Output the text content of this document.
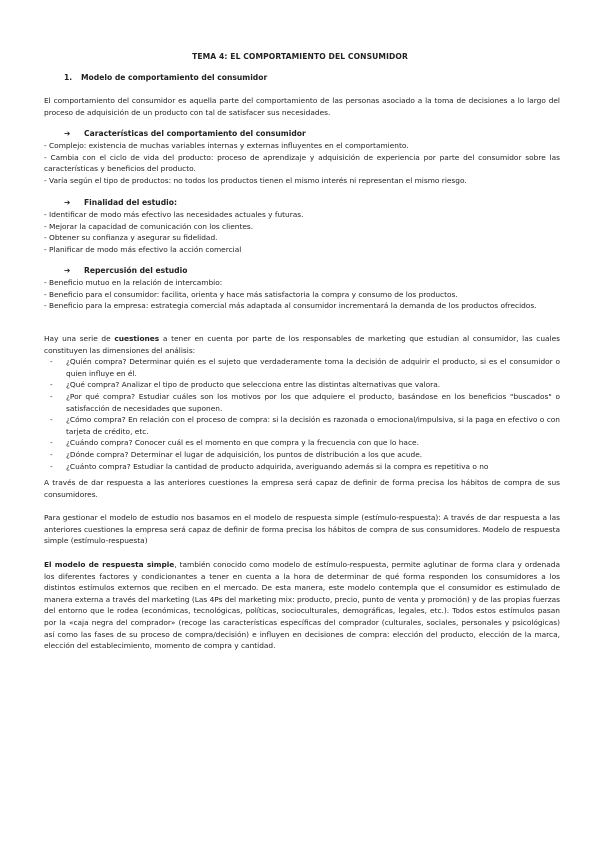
TEMA 4: EL COMPORTAMIENTO DEL CONSUMIDOR
1. Modelo de comportamiento del consumidor
El comportamiento del consumidor es aquella parte del comportamiento de las personas asociado a la toma de decisiones a lo largo del proceso de adquisición de un producto con tal de satisfacer sus necesidades.
➔ Características del comportamiento del consumidor
- Complejo: existencia de muchas variables internas y externas influyentes en el comportamiento.
- Cambia con el ciclo de vida del producto: proceso de aprendizaje y adquisición de experiencia por parte del consumidor sobre las características y beneficios del producto.
- Varía según el tipo de productos: no todos los productos tienen el mismo interés ni representan el mismo riesgo.
➔ Finalidad del estudio:
- Identificar de modo más efectivo las necesidades actuales y futuras.
- Mejorar la capacidad de comunicación con los clientes.
- Obtener su confianza y asegurar su fidelidad.
- Planificar de modo más efectivo la acción comercial
➔ Repercusión del estudio
- Beneficio mutuo en la relación de intercambio:
- Beneficio para el consumidor: facilita, orienta y hace más satisfactoria la compra y consumo de los productos.
- Beneficio para la empresa: estrategia comercial más adaptada al consumidor incrementará la demanda de los productos ofrecidos.
Hay una serie de cuestiones a tener en cuenta por parte de los responsables de marketing que estudian al consumidor, las cuales constituyen las dimensiones del análisis:
- ¿Quién compra? Determinar quién es el sujeto que verdaderamente toma la decisión de adquirir el producto, si es el consumidor o quien influye en él.
- ¿Qué compra? Analizar el tipo de producto que selecciona entre las distintas alternativas que valora.
- ¿Por qué compra? Estudiar cuáles son los motivos por los que adquiere el producto, basándose en los beneficios "buscados" o satisfacción de necesidades que suponen.
- ¿Cómo compra? En relación con el proceso de compra: si la decisión es razonada o emocional/impulsiva, si la paga en efectivo o con tarjeta de crédito, etc.
- ¿Cuándo compra? Conocer cuál es el momento en que compra y la frecuencia con que lo hace.
- ¿Dónde compra? Determinar el lugar de adquisición, los puntos de distribución a los que acude.
- ¿Cuánto compra? Estudiar la cantidad de producto adquirida, averiguando además si la compra es repetitiva o no
A través de dar respuesta a las anteriores cuestiones la empresa será capaz de definir de forma precisa los hábitos de compra de sus consumidores.
Para gestionar el modelo de estudio nos basamos en el modelo de respuesta simple (estímulo-respuesta): A través de dar respuesta a las anteriores cuestiones la empresa será capaz de definir de forma precisa los hábitos de compra de sus consumidores. Modelo de respuesta simple (estímulo-respuesta)
El modelo de respuesta simple, también conocido como modelo de estímulo-respuesta, permite aglutinar de forma clara y ordenada los diferentes factores y condicionantes a tener en cuenta a la hora de determinar de qué forma responden los consumidores a los distintos estímulos externos que reciben en el mercado. De esta manera, este modelo contempla que el consumidor es estimulado de manera externa a través del marketing (Las 4Ps del marketing mix: producto, precio, punto de venta y promoción) y de las propias fuerzas del entorno que le rodea (económicas, tecnológicas, políticas, socioculturales, demográficas, legales, etc.). Todos estos estímulos pasan por la «caja negra del comprador» (recoge las características específicas del comprador (culturales, sociales, personales y psicológicas) así como las fases de su proceso de compra/decisión) e influyen en decisiones de compra: elección del producto, elección de la marca, elección del establecimiento, momento de compra y cantidad.
